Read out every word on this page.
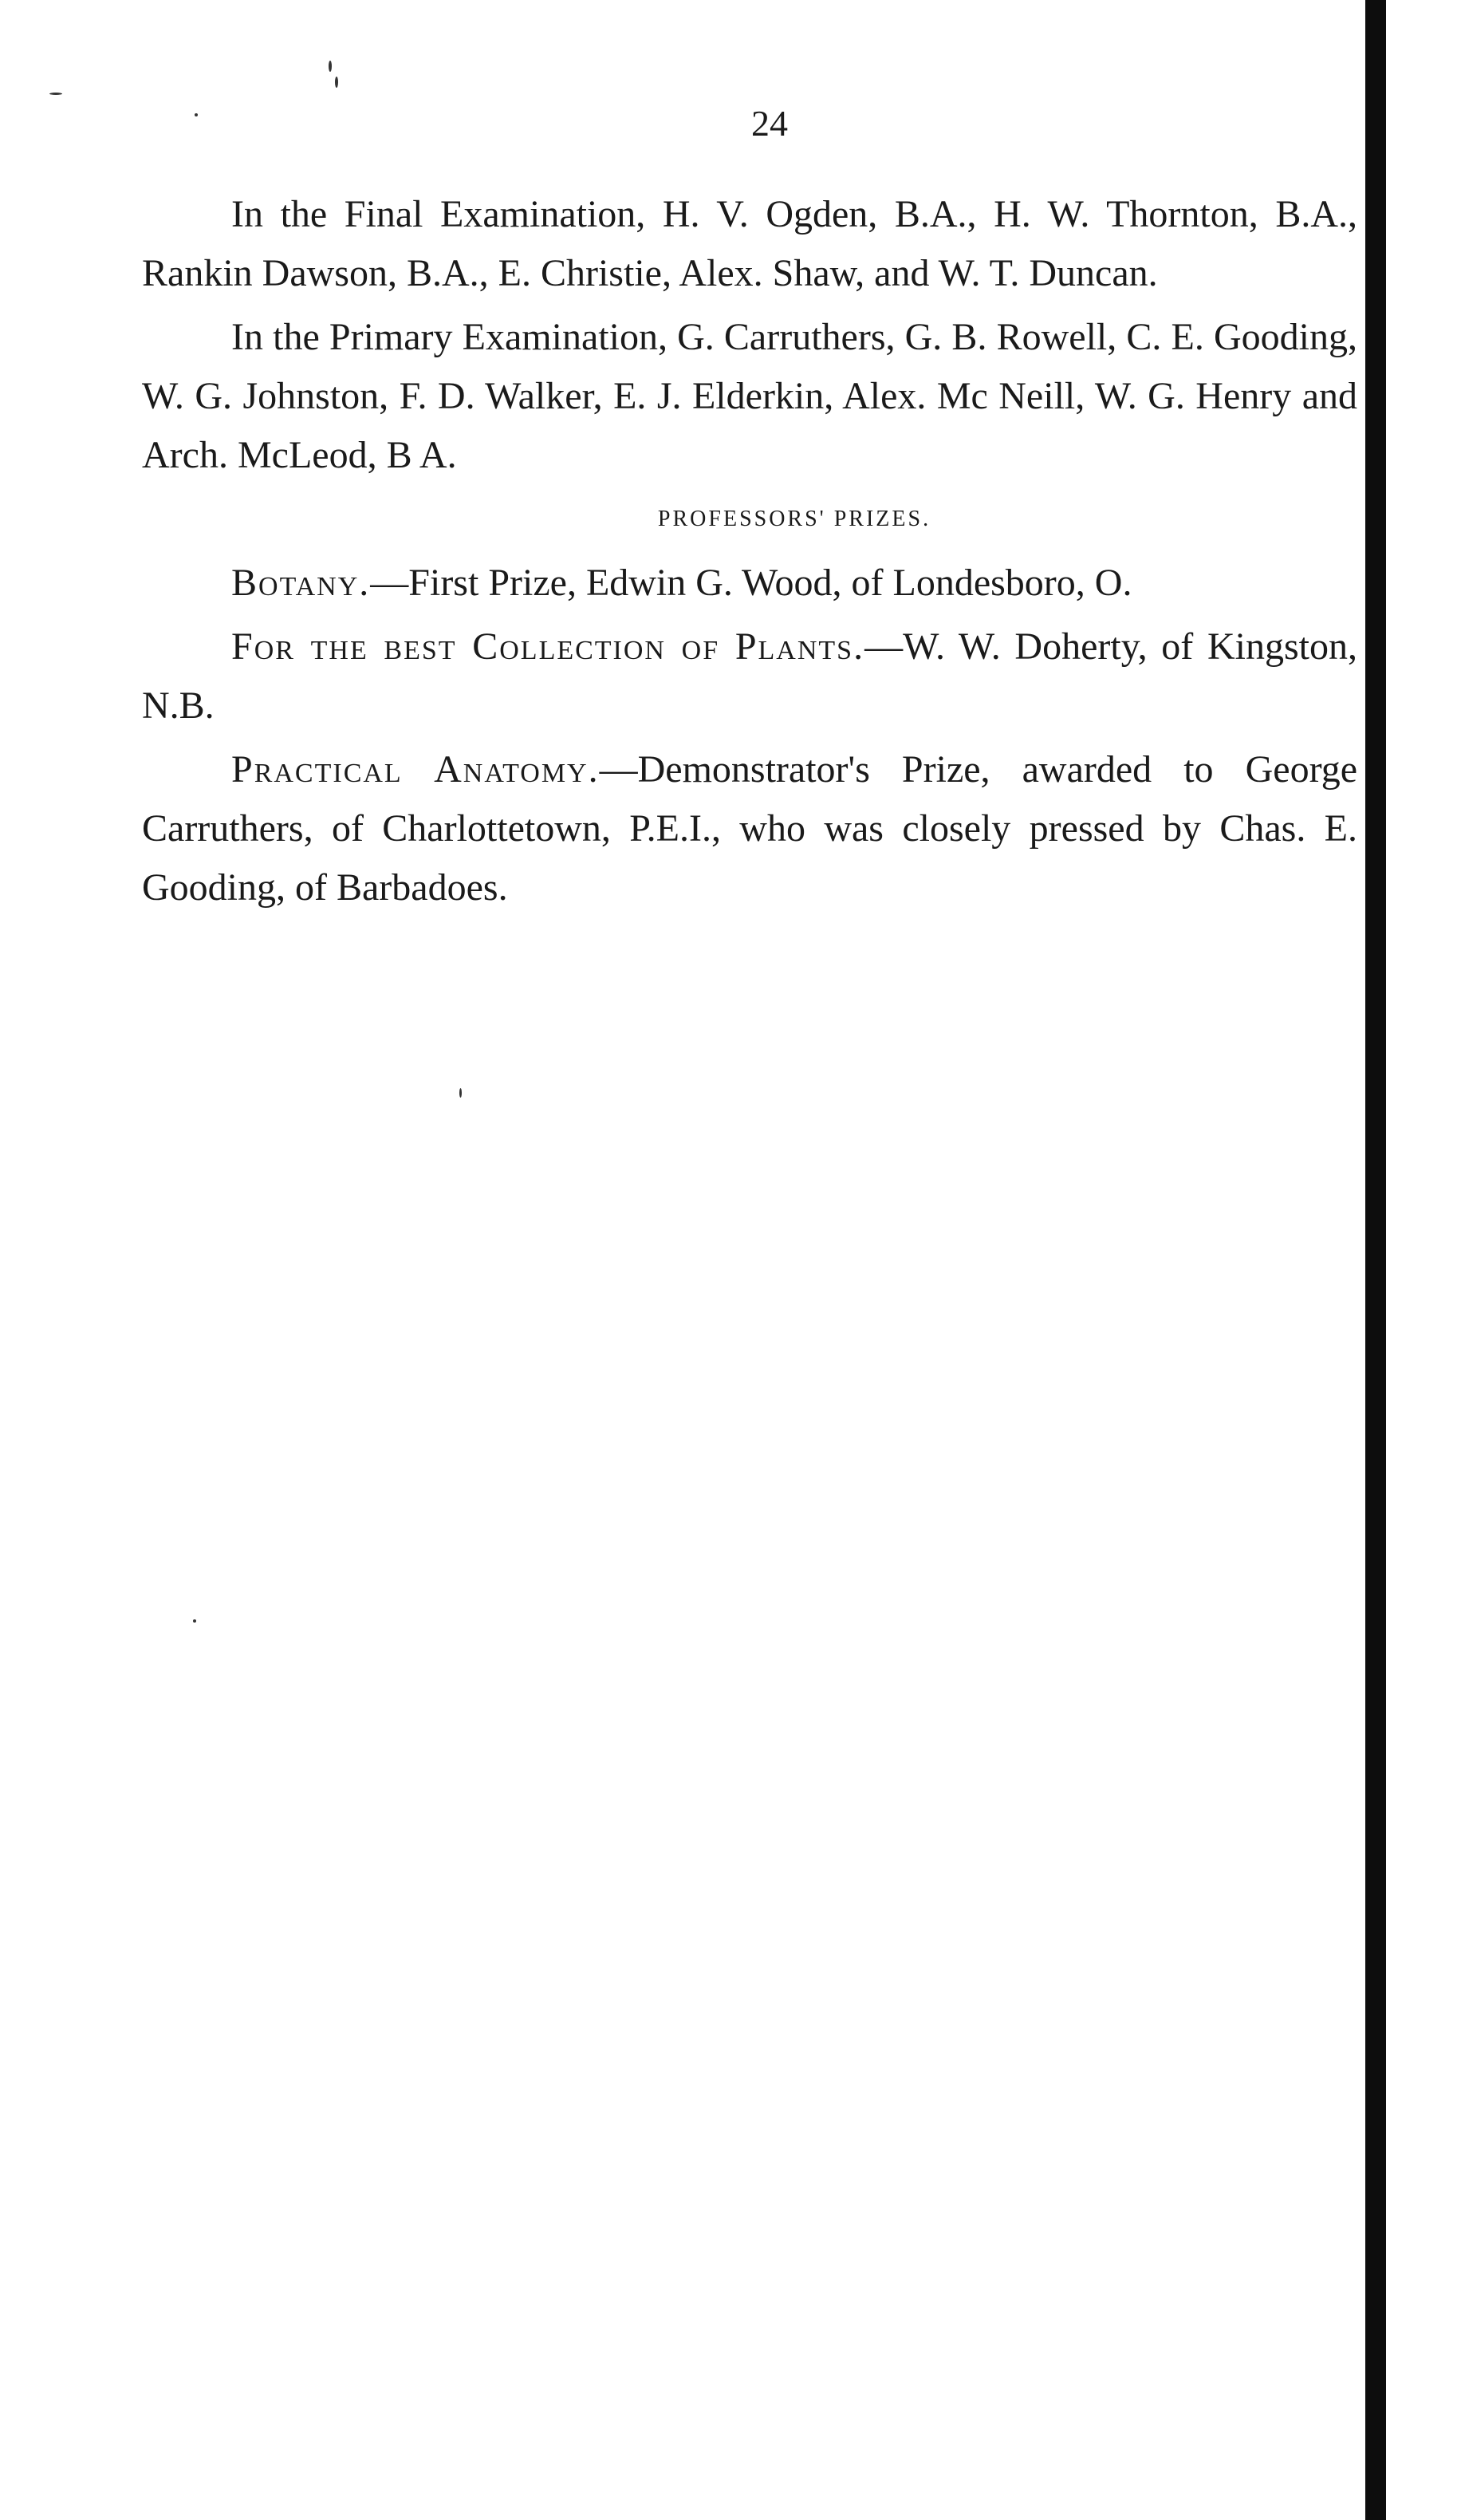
24

In the Final Examination, H. V. Ogden, B.A., H. W. Thornton, B.A., Rankin Dawson, B.A., E. Christie, Alex. Shaw, and W. T. Duncan.

In the Primary Examination, G. Carruthers, G. B. Rowell, C. E. Gooding, W. G. Johnston, F. D. Walker, E. J. Elderkin, Alex. Mc Neill, W. G. Henry and Arch. McLeod, B A.

PROFESSORS' PRIZES.

Botany.—First Prize, Edwin G. Wood, of Londesboro, O.

For the best Collection of Plants.—W. W. Doherty, of Kingston, N.B.

Practical Anatomy.—Demonstrator's Prize, awarded to George Carruthers, of Charlottetown, P.E.I., who was closely pressed by Chas. E. Gooding, of Barbadoes.
